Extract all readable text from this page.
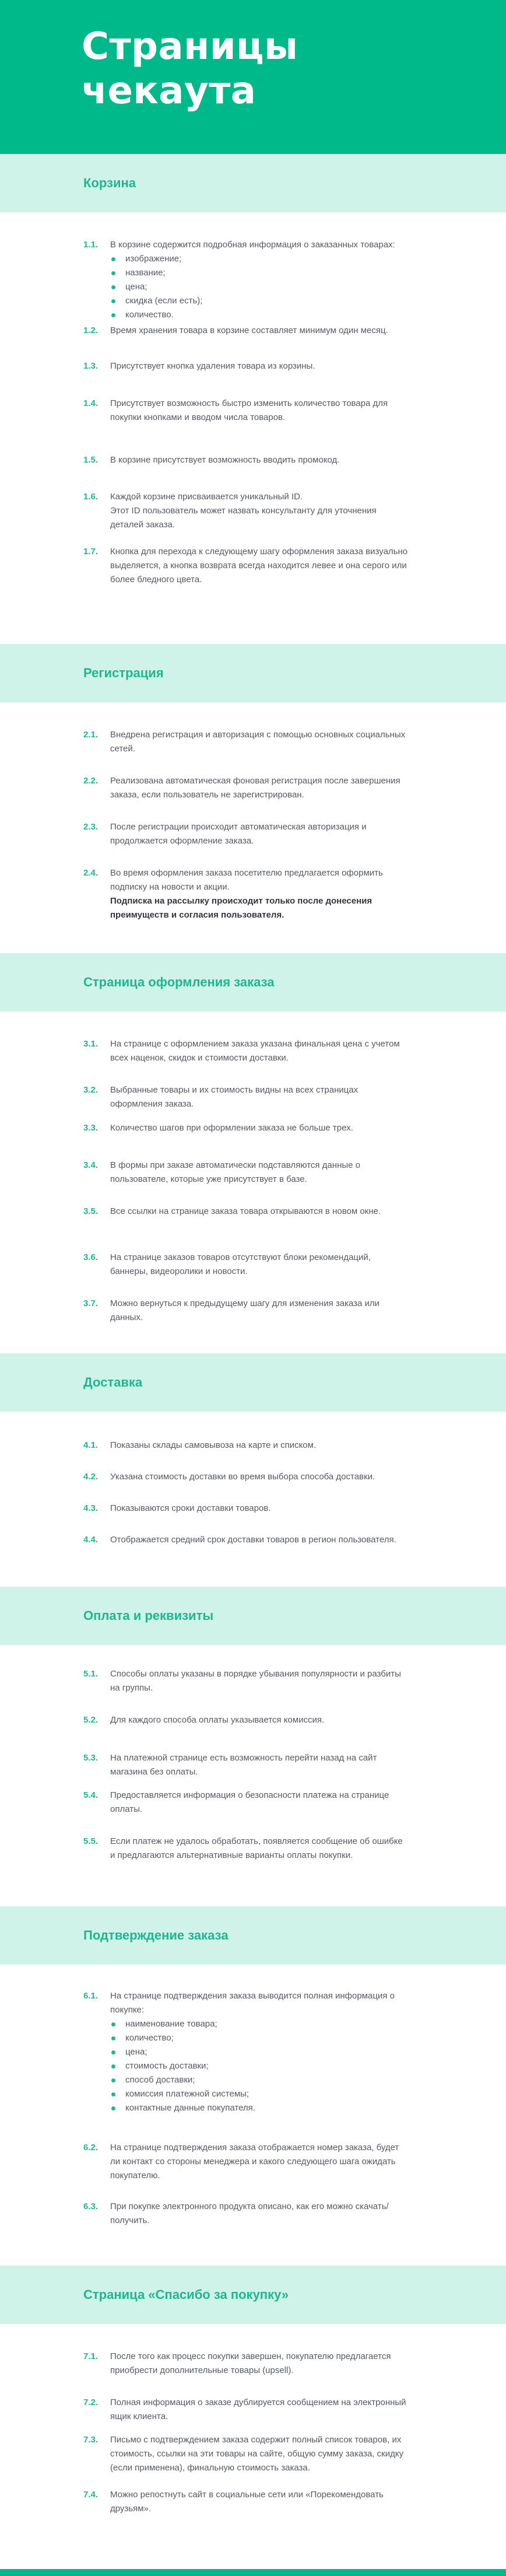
Страницы чекаута
Корзина
1.1. В корзине содержится подробная информация о заказанных товарах:

изображение;
название;
цена;
скидка (если есть);
количество.
1.2. Время хранения товара в корзине составляет минимум один месяц.

1.3. Присутствует кнопка удаления товара из корзины.

1.4. Присутствует возможность быстро изменить количество товара для покупки кнопками и вводом числа товаров.

1.5. В корзине присутствует возможность вводить промокод.

1.6. Каждой корзине присваивается уникальный ID.

Этот ID пользователь может назвать консультанту для уточнения деталей заказа.

1.7. Кнопка для перехода к следующему шагу оформления заказа визуально выделяется, а кнопка возврата всегда находится левее и она серого или более бледного цвета.

Регистрация
2.1. Внедрена регистрация и авторизация с помощью основных социальных сетей.

2.2. Реализована автоматическая фоновая регистрация после завершения заказа, если пользователь не зарегистрирован.

2.3. После регистрации происходит автоматическая авторизация и продолжается оформление заказа.

2.4. Во время оформления заказа посетителю предлагается оформить подписку на новости и акции.

Подписка на рассылку происходит только после донесения преимуществ и согласия пользователя.

Страница оформления заказа
3.1. На странице с оформлением заказа указана финальная цена с учетом всех наценок, скидок и стоимости доставки.

3.2. Выбранные товары и их стоимость видны на всех страницах оформления заказа.

3.3. Количество шагов при оформлении заказа не больше трех.

3.4. В формы при заказе автоматически подставляются данные о пользователе, которые уже присутствует в базе.

3.5. Все ссылки на странице заказа товара открываются в новом окне.

3.6. На странице заказов товаров отсутствуют блоки рекомендаций, баннеры, видеоролики и новости.

3.7. Можно вернуться к предыдущему шагу для изменения заказа или данных.

Доставка
4.1. Показаны склады самовывоза на карте и списком.

4.2. Указана стоимость доставки во время выбора способа доставки.

4.3. Показываются сроки доставки товаров.

4.4. Отображается средний срок доставки товаров в регион пользователя.

Оплата и реквизиты
5.1. Способы оплаты указаны в порядке убывания популярности и разбиты на группы.

5.2. Для каждого способа оплаты указывается комиссия.

5.3. На платежной странице есть возможность перейти назад на сайт магазина без оплаты.

5.4. Предоставляется информация о безопасности платежа на странице оплаты.

5.5. Если платеж не удалось обработать, появляется сообщение об ошибке и предлагаются альтернативные варианты оплаты покупки.

Подтверждение заказа
6.1. На странице подтверждения заказа выводится полная информация о покупке:

наименование товара;
количество;
цена;
стоимость доставки;
способ доставки;
комиссия платежной системы;
контактные данные покупателя.
6.2. На странице подтверждения заказа отображается номер заказа, будет ли контакт со стороны менеджера и какого следующего шага ожидать покупателю.

6.3. При покупке электронного продукта описано, как его можно скачать/получить.

Страница «Спасибо за покупку»
7.1. После того как процесс покупки завершен, покупателю предлагается приобрести дополнительные товары (upsell).

7.2. Полная информация о заказе дублируется сообщением на электронный ящик клиента.

7.3. Письмо с подтверждением заказа содержит полный список товаров, их стоимость, ссылки на эти товары на сайте, общую сумму заказа, скидку (если применена), финальную стоимость заказа.

7.4. Можно репостнуть сайт в социальные сети или «Порекомендовать друзьям».
